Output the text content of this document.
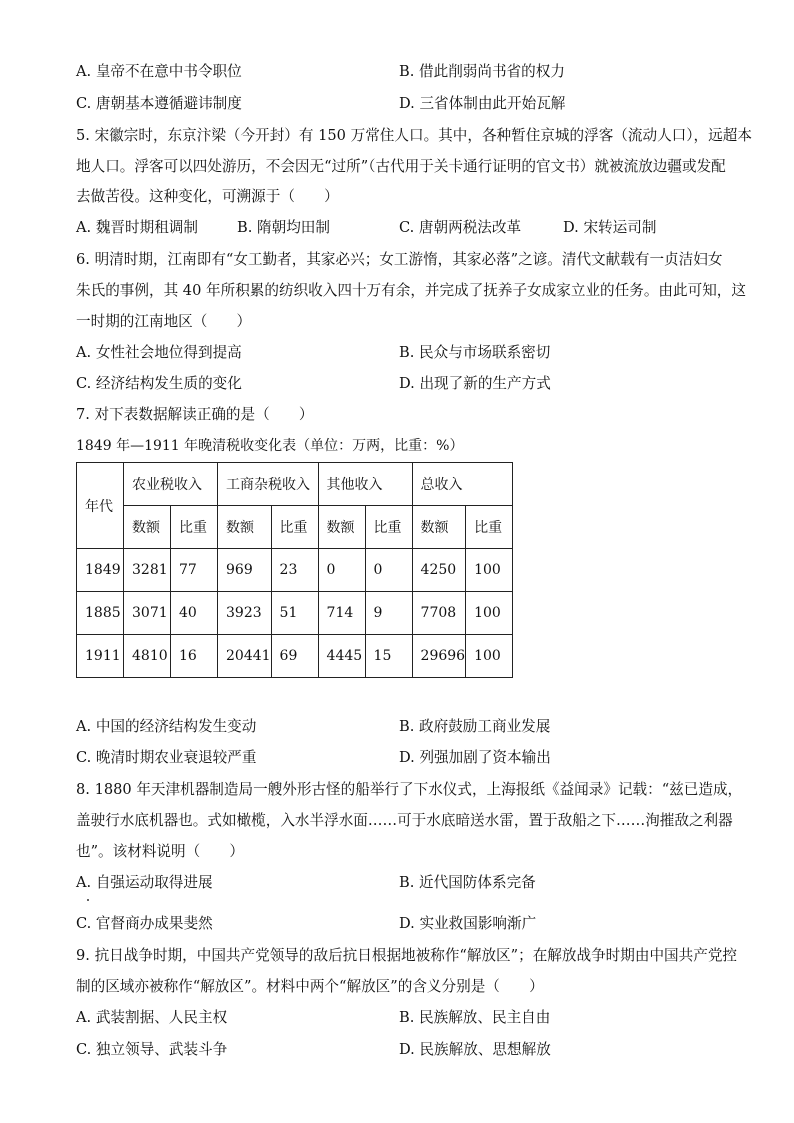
A. 皇帝不在意中书令职位	B. 借此削弱尚书省的权力
C. 唐朝基本遵循避讳制度	D. 三省体制由此开始瓦解
5. 宋徽宗时，东京汴梁（今开封）有 150 万常住人口。其中，各种暂住京城的浮客（流动人口），远超本
地人口。浮客可以四处游历，不会因无“过所”（古代用于关卡通行证明的官文书）就被流放边疆或发配
去做苦役。这种变化，可溯源于（　　）
A. 魏晋时期租调制	B. 隋朝均田制	C. 唐朝两税法改革	D. 宋转运司制
6. 明清时期，江南即有“女工勤者，其家必兴；女工游惰，其家必落”之谚。清代文献载有一贞洁妇女
朱氏的事例，其 40 年所积累的纺织收入四十万有余，并完成了抚养子女成家立业的任务。由此可知，这
一时期的江南地区（　　）
A. 女性社会地位得到提高	B. 民众与市场联系密切
C. 经济结构发生质的变化	D. 出现了新的生产方式
7. 对下表数据解读正确的是（　　）
1849 年—1911 年晚清税收变化表（单位：万两，比重：%）
年代	农业税收入		工商杂税收入		其他收入		总收入	
	数额	比重	数额	比重	数额	比重	数额	比重
1849	3281	77	969	23	0	0	4250	100
1885	3071	40	3923	51	714	9	7708	100
1911	4810	16	20441	69	4445	15	29696	100
A. 中国的经济结构发生变动	B. 政府鼓励工商业发展
C. 晚清时期农业衰退较严重	D. 列强加剧了资本输出
8. 1880 年天津机器制造局一艘外形古怪的船举行了下水仪式，上海报纸《益闻录》记载：“兹已造成，
盖驶行水底机器也。式如橄榄，入水半浮水面……可于水底暗送水雷，置于敌船之下……洵摧敌之利器
也”。该材料说明（　　）
A. 自强运动取得进展	B. 近代国防体系完备
C. 官督商办成果斐然	D. 实业救国影响渐广
9. 抗日战争时期，中国共产党领导的敌后抗日根据地被称作“解放区”；在解放战争时期由中国共产党控
制的区域亦被称作“解放区”。材料中两个“解放区”的含义分别是（　　）
A. 武装割据、人民主权	B. 民族解放、民主自由
C. 独立领导、武装斗争	D. 民族解放、思想解放
